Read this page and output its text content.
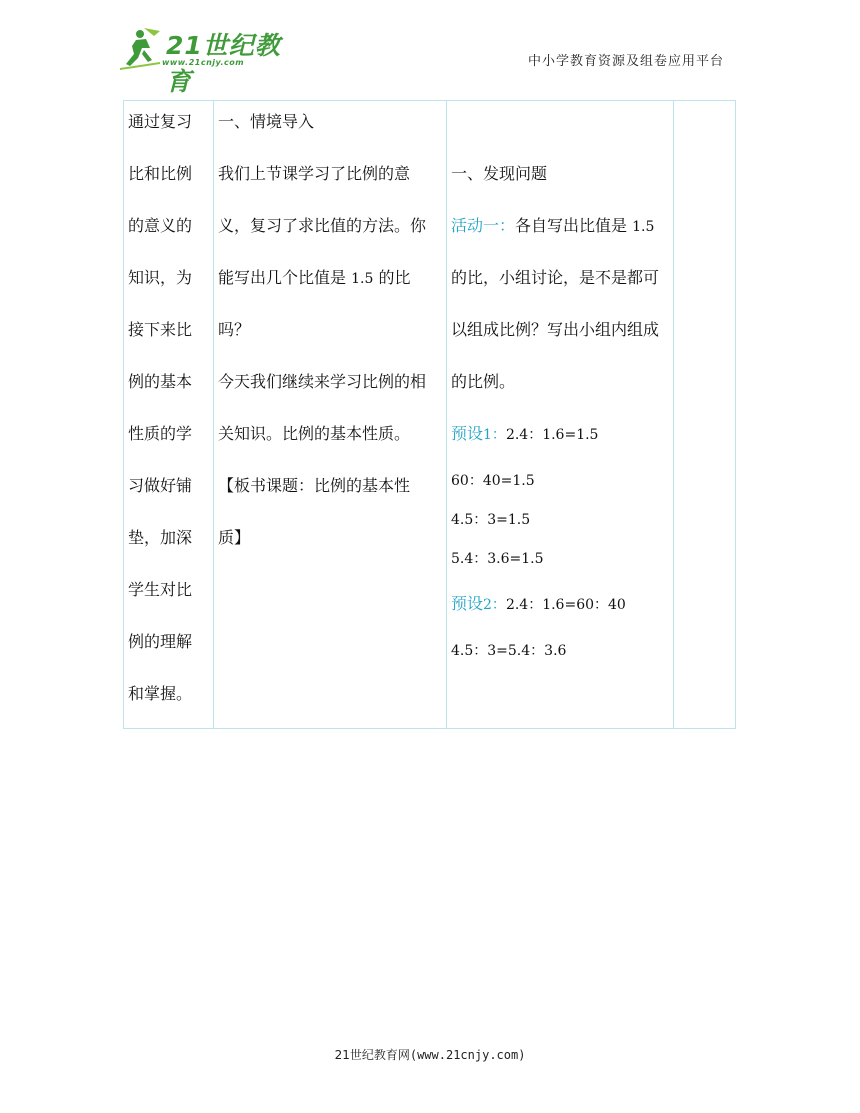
21世纪教育
www.21cnjy.com	中小学教育资源及组卷应用平台
通过复习
比和比例
的意义的
知识，为
接下来比
例的基本
性质的学
习做好铺
垫，加深
学生对比
例的理解
和掌握。
一、情境导入
我们上节课学习了比例的意
义，复习了求比值的方法。你
能写出几个比值是 1.5 的比
吗？
今天我们继续来学习比例的相
关知识。比例的基本性质。
【板书课题：比例的基本性
质】
一、发现问题
活动一：各自写出比值是 1.5
的比，小组讨论，是不是都可
以组成比例？写出小组内组成
的比例。
预设1：2.4：1.6=1.5
60：40=1.5
4.5：3=1.5
5.4：3.6=1.5
预设2：2.4：1.6=60：40
4.5：3=5.4：3.6
21世纪教育网(www.21cnjy.com)
